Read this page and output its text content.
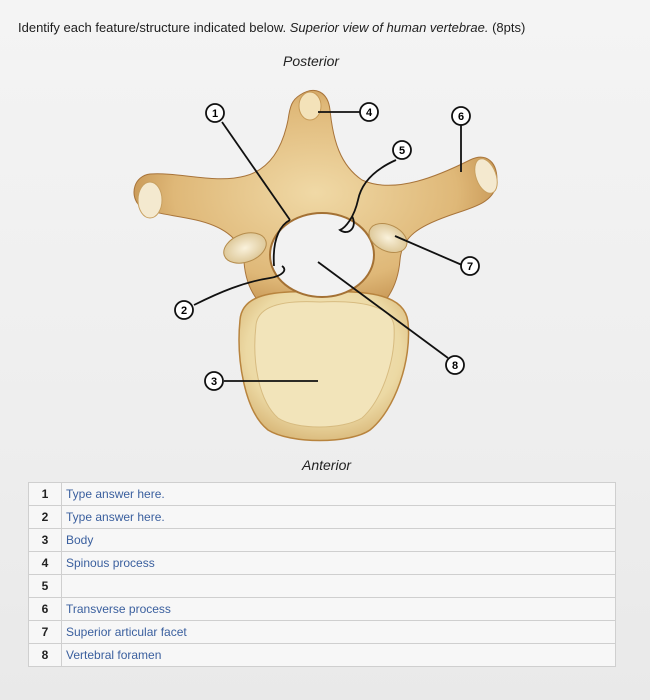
Identify each feature/structure indicated below. Superior view of human vertebrae. (8pts)
Posterior
1
2
3
4
5
6
7
8
Anterior
1	Type answer here.
2	Type answer here.
3	Body
4	Spinous process
5	
6	Transverse process
7	Superior articular facet
8	Vertebral foramen
